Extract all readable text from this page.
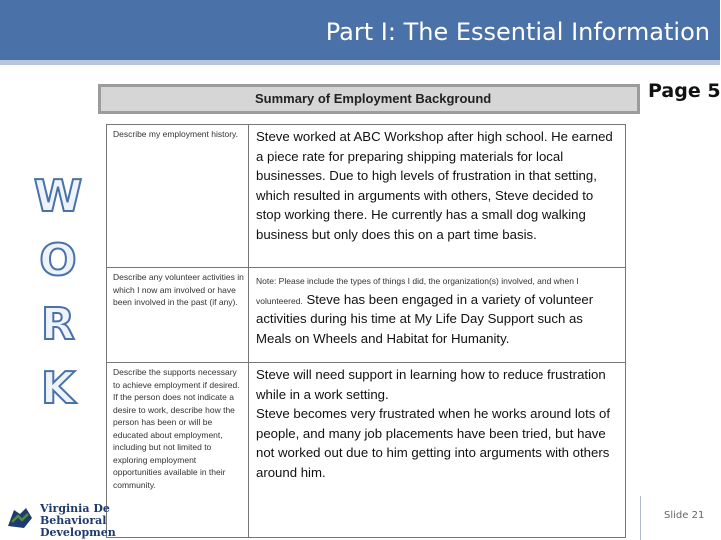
Part I: The Essential Information
Page 5
W
O
R
K
Summary of Employment Background
Describe my employment history.	Steve worked at ABC Workshop after high school. He earned a piece rate for preparing shipping materials for local businesses. Due to high levels of frustration in that setting, which resulted in arguments with others, Steve decided to stop working there. He currently has a small dog walking business but only does this on a part time basis.
Describe any volunteer activities in which I now am involved or have been involved in the past (if any).
Note: Please include the types of things I did, the organization(s) involved, and when I volunteered. Steve has been engaged in a variety of volunteer activities during his time at My Life Day Support such as Meals on Wheels and Habitat for Humanity.
Describe the supports necessary to achieve employment if desired. If the person does not indicate a desire to work, describe how the person has been or will be educated about employment, including but not limited to exploring employment opportunities available in their community.
Steve will need support in learning how to reduce frustration while in a work setting.
Steve becomes very frustrated when he works around lots of people, and many job placements have been tried, but have not worked out due to him getting into arguments with others around him.
Virginia De
Behavioral
Developmen
Slide 21
